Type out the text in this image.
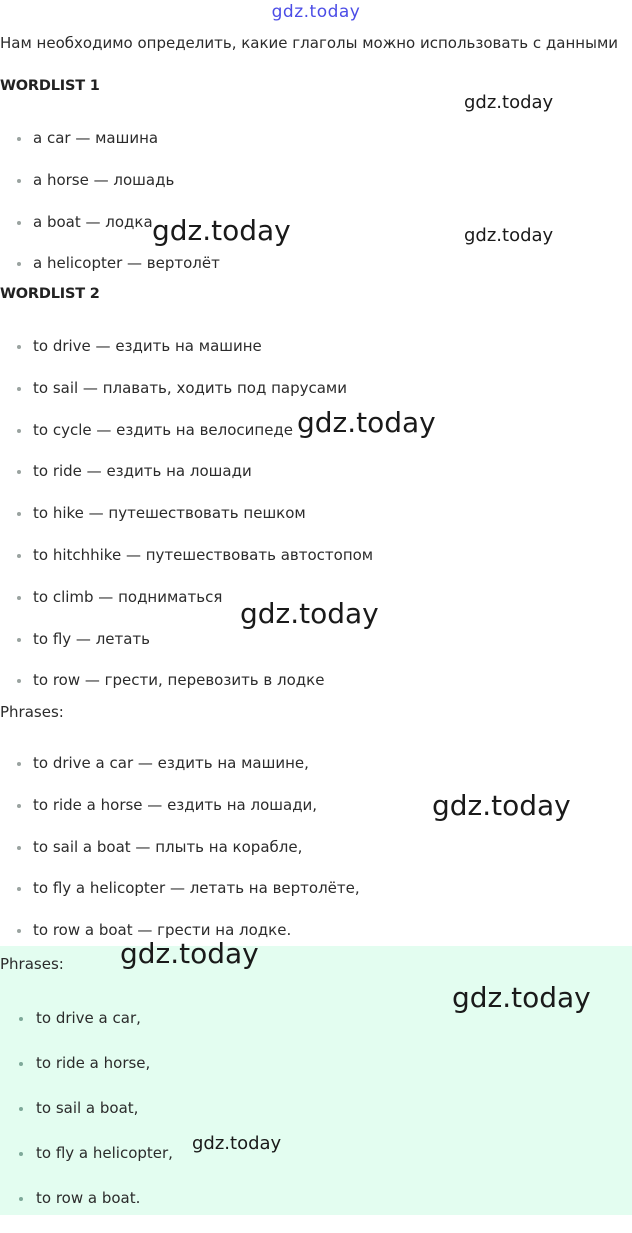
gdz.today
Нам необходимо определить, какие глаголы можно использовать с данными
WORDLIST 1
a car — машина
a horse — лошадь
a boat — лодка
a helicopter — вертолёт
WORDLIST 2
to drive — ездить на машине
to sail — плавать, ходить под парусами
to cycle — ездить на велосипеде
to ride — ездить на лошади
to hike — путешествовать пешком
to hitchhike — путешествовать автостопом
to climb — подниматься
to fly — летать
to row — грести, перевозить в лодке
Phrases:
to drive a car — ездить на машине,
to ride a horse — ездить на лошади,
to sail a boat — плыть на корабле,
to fly a helicopter — летать на вертолёте,
to row a boat — грести на лодке.
Phrases:
to drive a car,
to ride a horse,
to sail a boat,
to fly a helicopter,
to row a boat.
gdz.today
gdz.today	gdz.today
gdz.today
gdz.today
gdz.today
gdz.today
gdz.today
gdz.today
